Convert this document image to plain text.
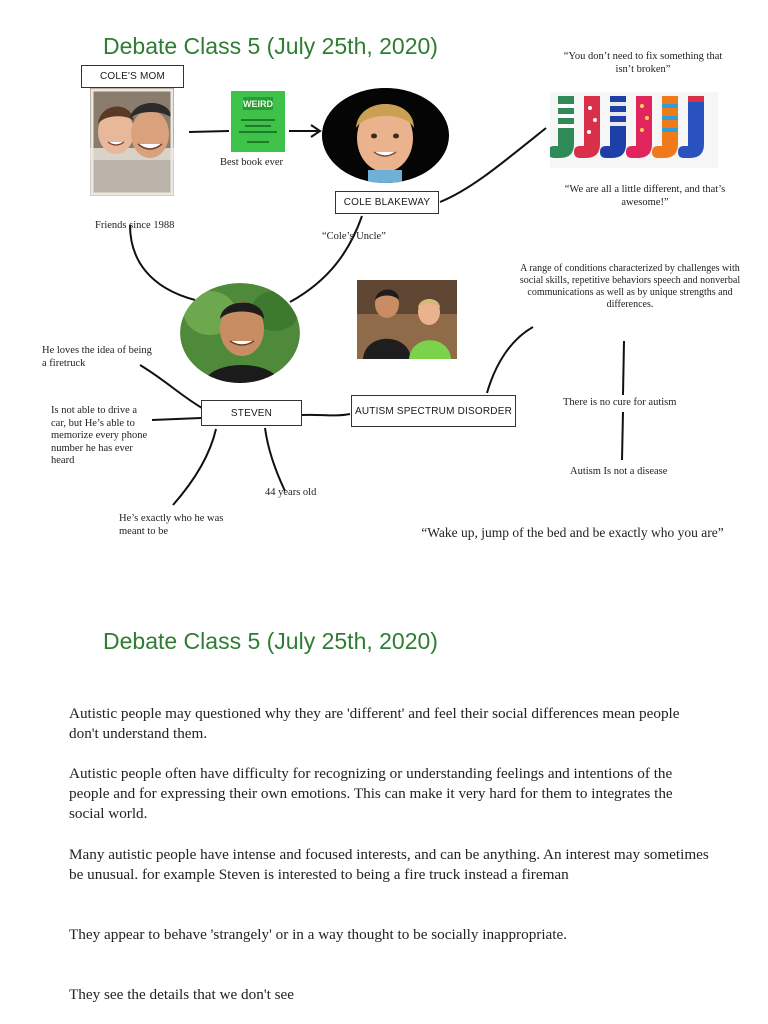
Debate Class 5 (July 25th, 2020)
COLE'S MOM
WEIRD
Best book ever
COLE BLAKEWAY
Friends since 1988
“Cole’s Uncle”
“You don’t need to fix something that isn’t broken”
“We are all a little different, and that’s awesome!”
A range of conditions characterized by challenges with social skills, repetitive behaviors speech and nonverbal communications as well as by unique strengths and differences.
He loves the idea of being a firetruck
Is not able to drive a car, but He’s able to memorize every phone number he has ever heard
STEVEN	AUTISM SPECTRUM DISORDER
There is no cure for autism
Autism Is not a disease
44 years old
He’s exactly who he was meant to be	“Wake up, jump of the bed and be exactly who you are”
Debate Class 5 (July 25th, 2020)
Autistic people may questioned why they are 'different' and feel their social differences mean people don't understand them.
Autistic people often have difficulty for recognizing or understanding feelings and intentions of the people and for expressing their own emotions. This can make it very hard for them to integrates the social world.
Many autistic people have intense and focused interests, and can be anything. An interest may sometimes be unusual. for example Steven is interested to being a fire truck instead a fireman
They appear to behave 'strangely' or in a way thought to be socially inappropriate.
They see the details that we don't see
